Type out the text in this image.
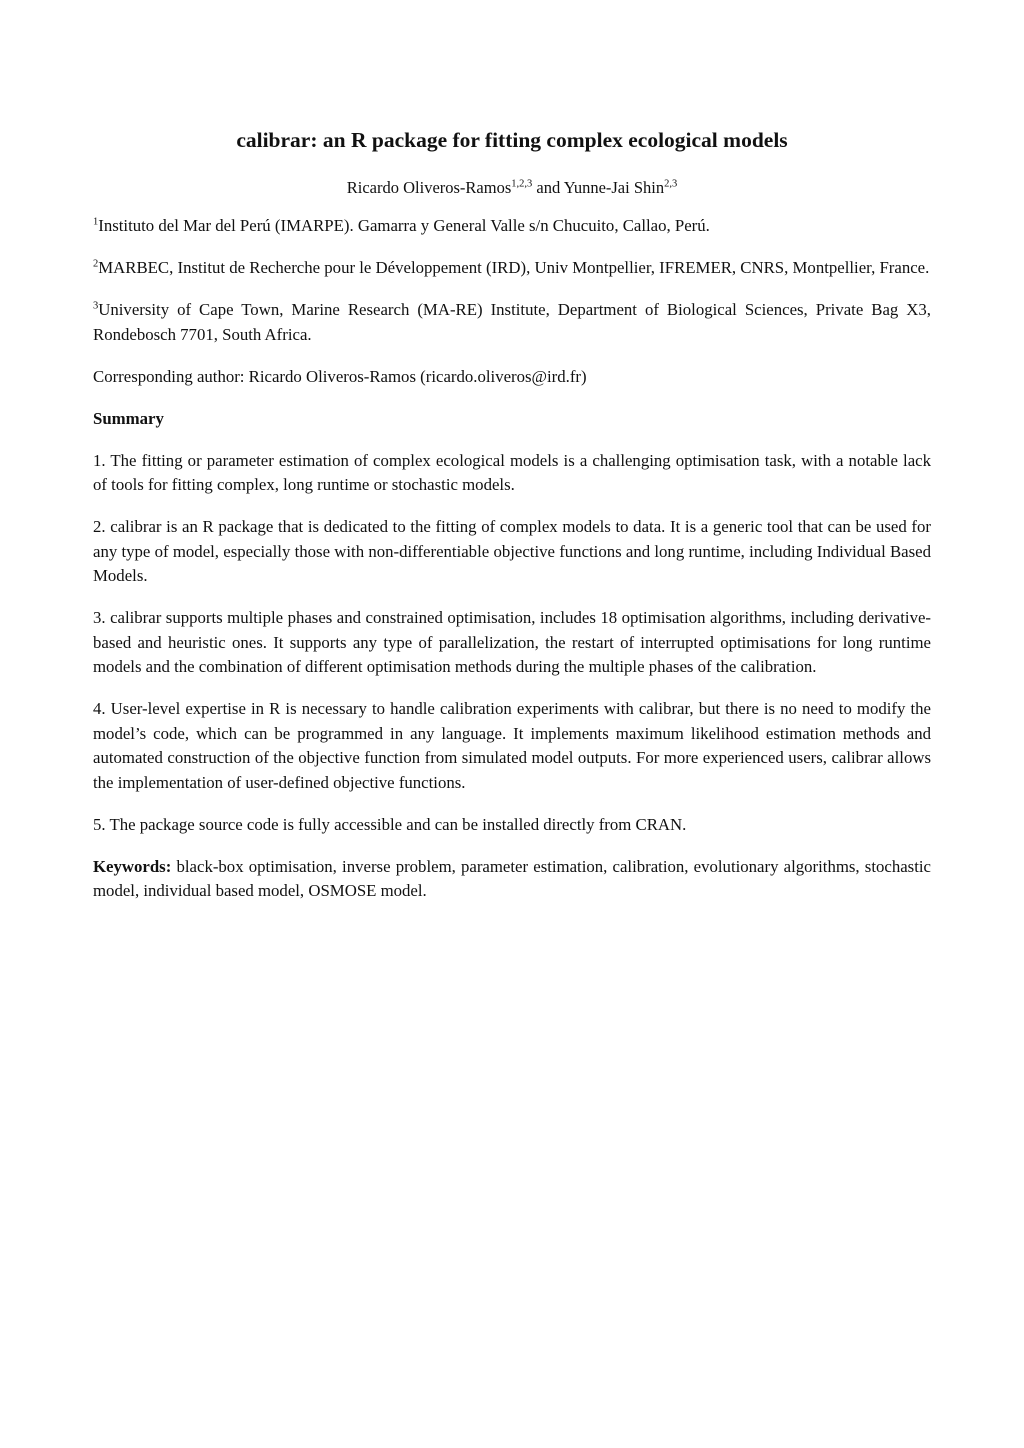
calibrar: an R package for fitting complex ecological models
Ricardo Oliveros-Ramos$^{1,2,3}$ and Yunne-Jai Shin$^{2,3}$

$^1$Instituto del Mar del Perú (IMARPE). Gamarra y General Valle s/n Chucuito, Callao, Perú.

$^2$MARBEC, Institut de Recherche pour le Développement (IRD), Univ Montpellier, IFREMER, CNRS, Montpellier, France.

$^3$University of Cape Town, Marine Research (MA-RE) Institute, Department of Biological Sciences, Private Bag X3, Rondebosch 7701, South Africa.

Corresponding author: Ricardo Oliveros-Ramos (ricardo.oliveros@ird.fr)

Summary

1. The fitting or parameter estimation of complex ecological models is a challenging optimisation task, with a notable lack of tools for fitting complex, long runtime or stochastic models.

2. calibrar is an R package that is dedicated to the fitting of complex models to data. It is a generic tool that can be used for any type of model, especially those with non-differentiable objective functions and long runtime, including Individual Based Models.

3. calibrar supports multiple phases and constrained optimisation, includes 18 optimisation algorithms, including derivative-based and heuristic ones. It supports any type of parallelization, the restart of interrupted optimisations for long runtime models and the combination of different optimisation methods during the multiple phases of the calibration.

4. User-level expertise in R is necessary to handle calibration experiments with calibrar, but there is no need to modify the model’s code, which can be programmed in any language. It implements maximum likelihood estimation methods and automated construction of the objective function from simulated model outputs. For more experienced users, calibrar allows the implementation of user-defined objective functions.

5. The package source code is fully accessible and can be installed directly from CRAN.

Keywords: black-box optimisation, inverse problem, parameter estimation, calibration, evolutionary algorithms, stochastic model, individual based model, OSMOSE model.
